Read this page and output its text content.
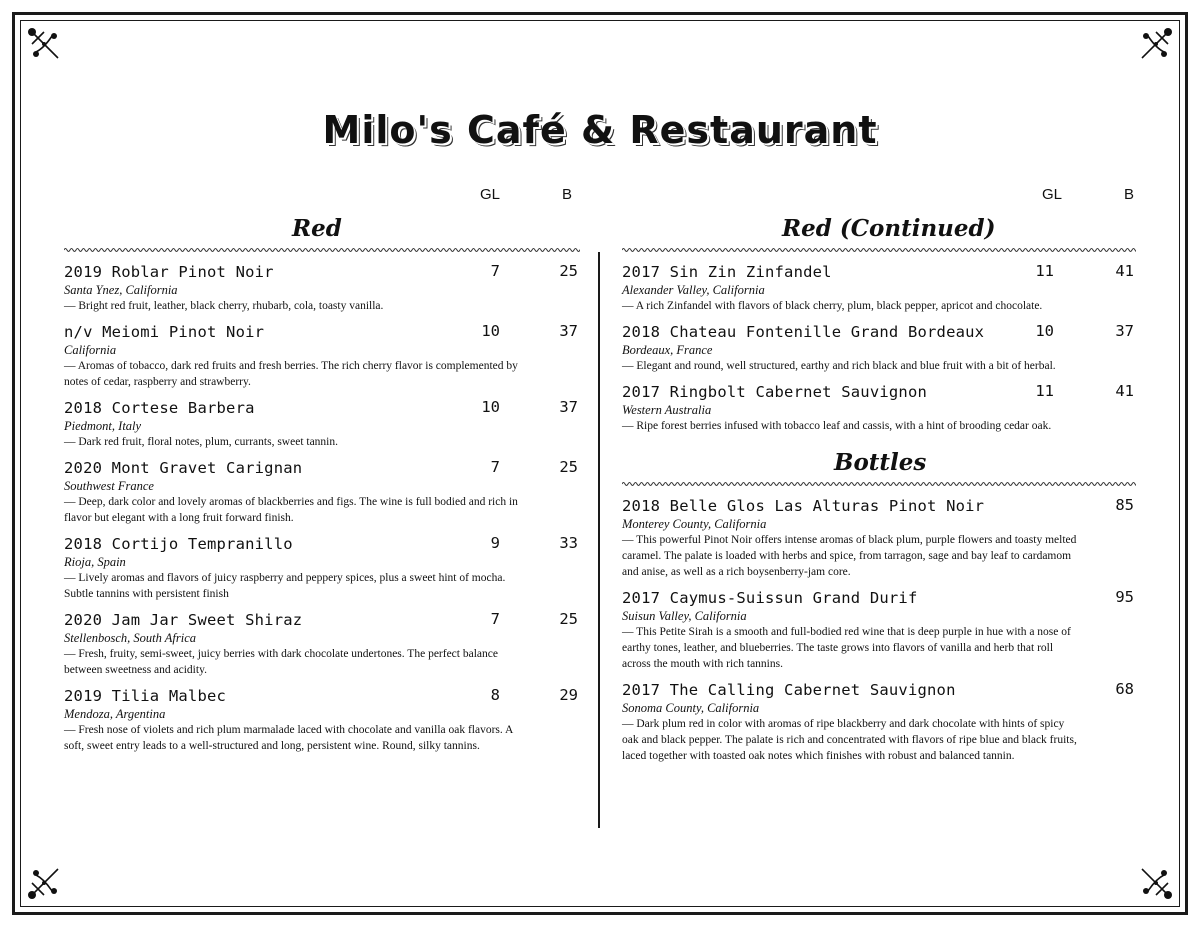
Milo's Café & Restaurant
GL	B
Red
2019 Roblar Pinot Noir	7	25
Santa Ynez, California
— Bright red fruit, leather, black cherry, rhubarb, cola, toasty vanilla.
n/v Meiomi Pinot Noir	10	37
California
— Aromas of tobacco, dark red fruits and fresh berries. The rich cherry flavor is complemented by notes of cedar, raspberry and strawberry.
2018 Cortese Barbera	10	37
Piedmont, Italy
— Dark red fruit, floral notes, plum, currants, sweet tannin.
2020 Mont Gravet Carignan	7	25
Southwest France
— Deep, dark color and lovely aromas of blackberries and figs. The wine is full bodied and rich in flavor but elegant with a long fruit forward finish.
2018 Cortijo Tempranillo	9	33
Rioja, Spain
— Lively aromas and flavors of juicy raspberry and peppery spices, plus a sweet hint of mocha. Subtle tannins with persistent finish
2020 Jam Jar Sweet Shiraz	7	25
Stellenbosch, South Africa
— Fresh, fruity, semi-sweet, juicy berries with dark chocolate undertones. The perfect balance between sweetness and acidity.
2019 Tilia Malbec	8	29
Mendoza, Argentina
— Fresh nose of violets and rich plum marmalade laced with chocolate and vanilla oak flavors. A soft, sweet entry leads to a well-structured and long, persistent wine. Round, silky tannins.
GL	B
Red (Continued)
2017 Sin Zin Zinfandel	11	41
Alexander Valley, California
— A rich Zinfandel with flavors of black cherry, plum, black pepper, apricot and chocolate.
2018 Chateau Fontenille Grand Bordeaux	10	37
Bordeaux, France
— Elegant and round, well structured, earthy and rich black and blue fruit with a bit of herbal.
2017 Ringbolt Cabernet Sauvignon	11	41
Western Australia
— Ripe forest berries infused with tobacco leaf and cassis, with a hint of brooding cedar oak.
Bottles
2018 Belle Glos Las Alturas Pinot Noir	85
Monterey County, California
— This powerful Pinot Noir offers intense aromas of black plum, purple flowers and toasty melted caramel. The palate is loaded with herbs and spice, from tarragon, sage and bay leaf to cardamom and anise, as well as a rich boysenberry-jam core.
2017 Caymus-Suissun Grand Durif	95
Suisun Valley, California
— This Petite Sirah is a smooth and full-bodied red wine that is deep purple in hue with a nose of earthy tones, leather, and blueberries. The taste grows into flavors of vanilla and herb that roll across the mouth with rich tannins.
2017 The Calling Cabernet Sauvignon	68
Sonoma County, California
— Dark plum red in color with aromas of ripe blackberry and dark chocolate with hints of spicy oak and black pepper. The palate is rich and concentrated with flavors of ripe blue and black fruits, laced together with toasted oak notes which finishes with robust and balanced tannin.
